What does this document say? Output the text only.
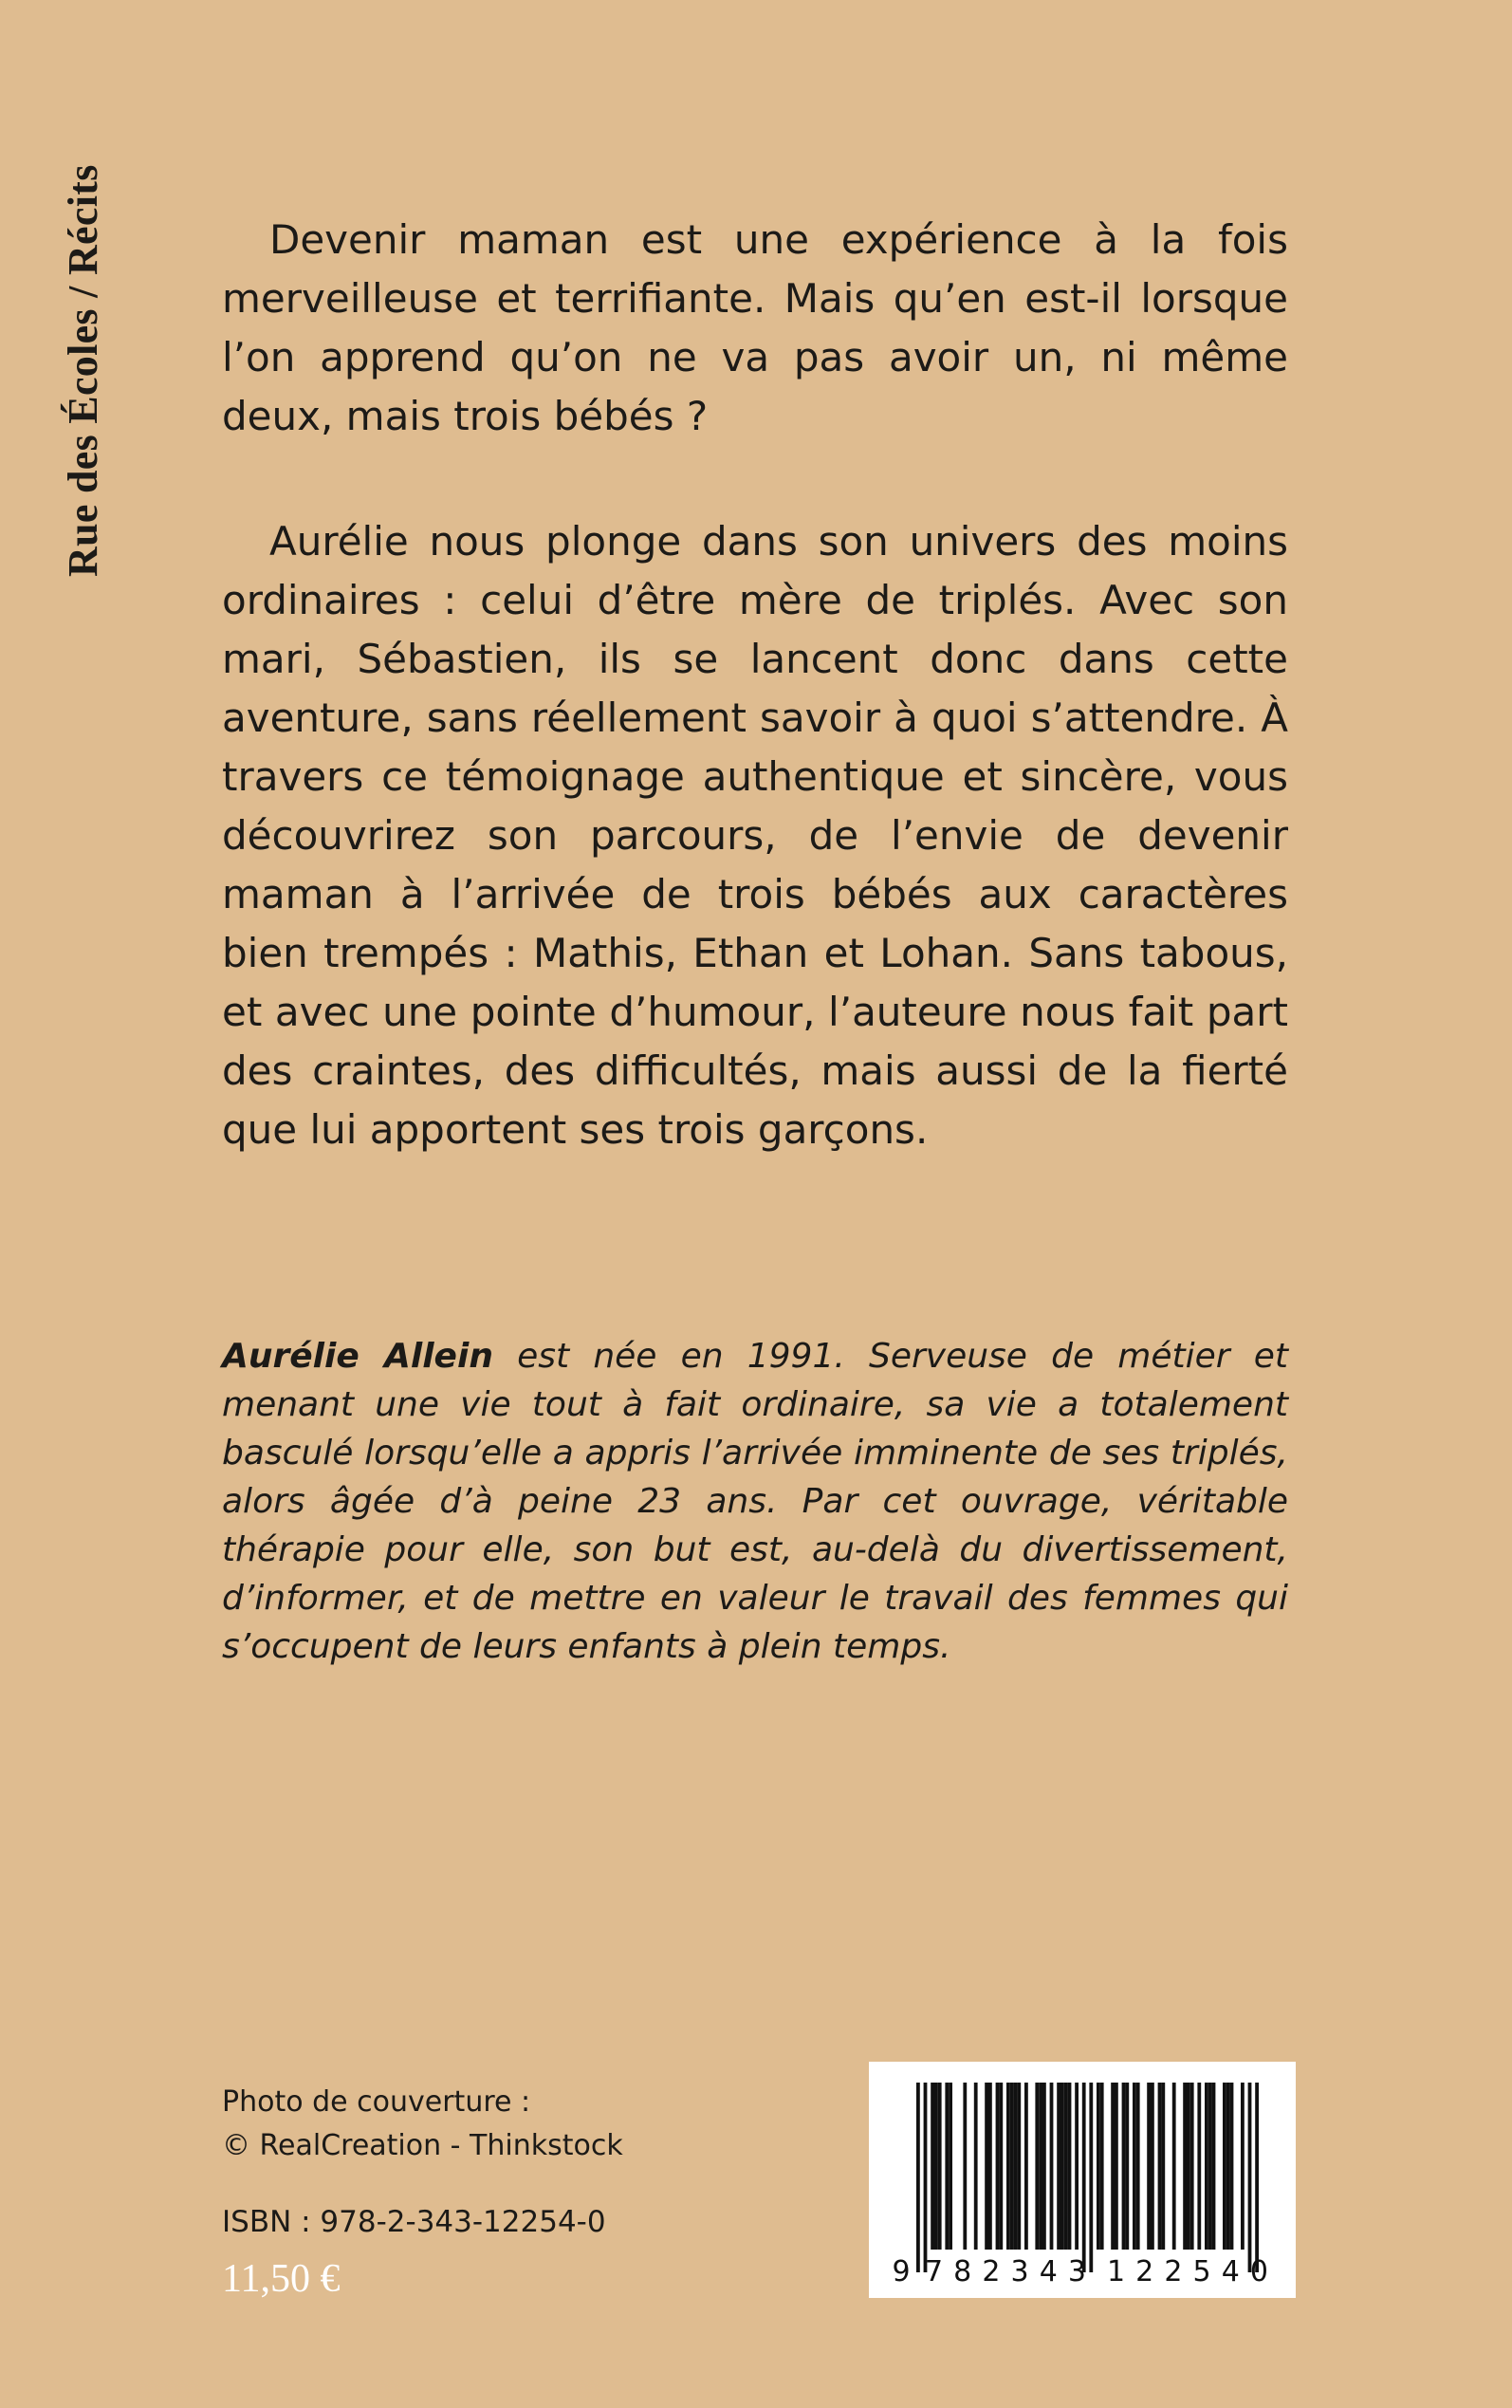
Rue des Écoles / Récits	Devenir maman est une expérience à la fois merveilleuse et terrifiante. Mais qu’en est-il lorsque l’on apprend qu’on ne va pas avoir un, ni même deux, mais trois bébés ?

Aurélie nous plonge dans son univers des moins ordinaires : celui d’être mère de triplés. Avec son mari, Sébastien, ils se lancent donc dans cette aventure, sans réellement savoir à quoi s’attendre. À travers ce témoignage authentique et sincère, vous découvrirez son parcours, de l’envie de devenir maman à l’arrivée de trois bébés aux caractères bien trempés : Mathis, Ethan et Lohan. Sans tabous, et avec une pointe d’humour, l’auteure nous fait part des craintes, des difficultés, mais aussi de la fierté que lui apportent ses trois garçons.

Aurélie Allein est née en 1991. Serveuse de métier et menant une vie tout à fait ordinaire, sa vie a totalement basculé lorsqu’elle a appris l’arrivée imminente de ses triplés, alors âgée d’à peine 23 ans. Par cet ouvrage, véritable thérapie pour elle, son but est, au-delà du divertissement, d’informer, et de mettre en valeur le travail des femmes qui s’occupent de leurs enfants à plein temps.
Photo de couverture :
© RealCreation - Thinkstock
ISBN : 978-2-343-12254-0
11,50 €	9 782343 122540
